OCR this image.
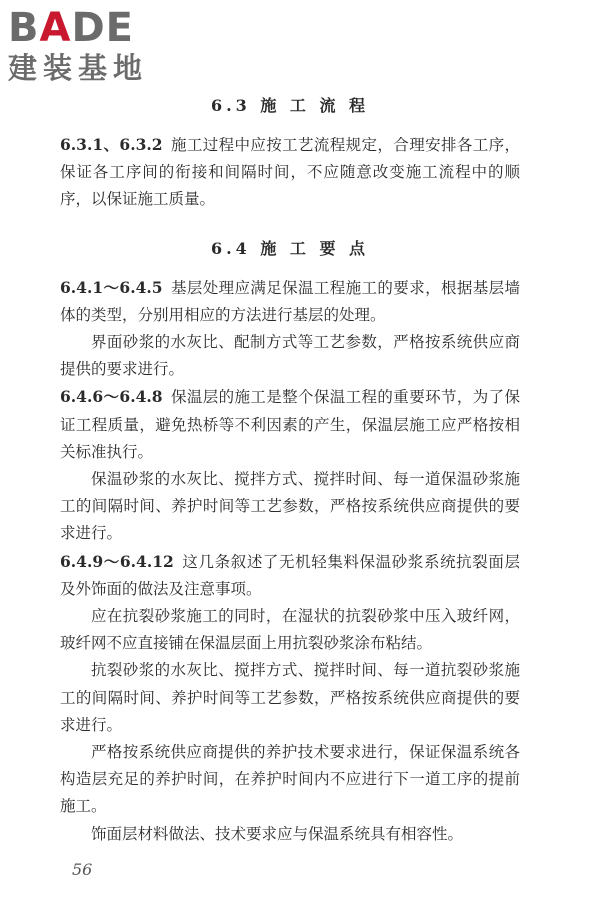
BADE
建装基地
6.3 施 工 流 程

6.3.1、6.3.2 施工过程中应按工艺流程规定，合理安排各工序，保证各工序间的衔接和间隔时间，不应随意改变施工流程中的顺序，以保证施工质量。

6.4 施 工 要 点

6.4.1～6.4.5 基层处理应满足保温工程施工的要求，根据基层墙体的类型，分别用相应的方法进行基层的处理。

界面砂浆的水灰比、配制方式等工艺参数，严格按系统供应商提供的要求进行。

6.4.6～6.4.8 保温层的施工是整个保温工程的重要环节，为了保证工程质量，避免热桥等不利因素的产生，保温层施工应严格按相关标准执行。

保温砂浆的水灰比、搅拌方式、搅拌时间、每一道保温砂浆施工的间隔时间、养护时间等工艺参数，严格按系统供应商提供的要求进行。

6.4.9～6.4.12 这几条叙述了无机轻集料保温砂浆系统抗裂面层及外饰面的做法及注意事项。

应在抗裂砂浆施工的同时，在湿状的抗裂砂浆中压入玻纤网，玻纤网不应直接铺在保温层面上用抗裂砂浆涂布粘结。

抗裂砂浆的水灰比、搅拌方式、搅拌时间、每一道抗裂砂浆施工的间隔时间、养护时间等工艺参数，严格按系统供应商提供的要求进行。

严格按系统供应商提供的养护技术要求进行，保证保温系统各构造层充足的养护时间，在养护时间内不应进行下一道工序的提前施工。

饰面层材料做法、技术要求应与保温系统具有相容性。

56
